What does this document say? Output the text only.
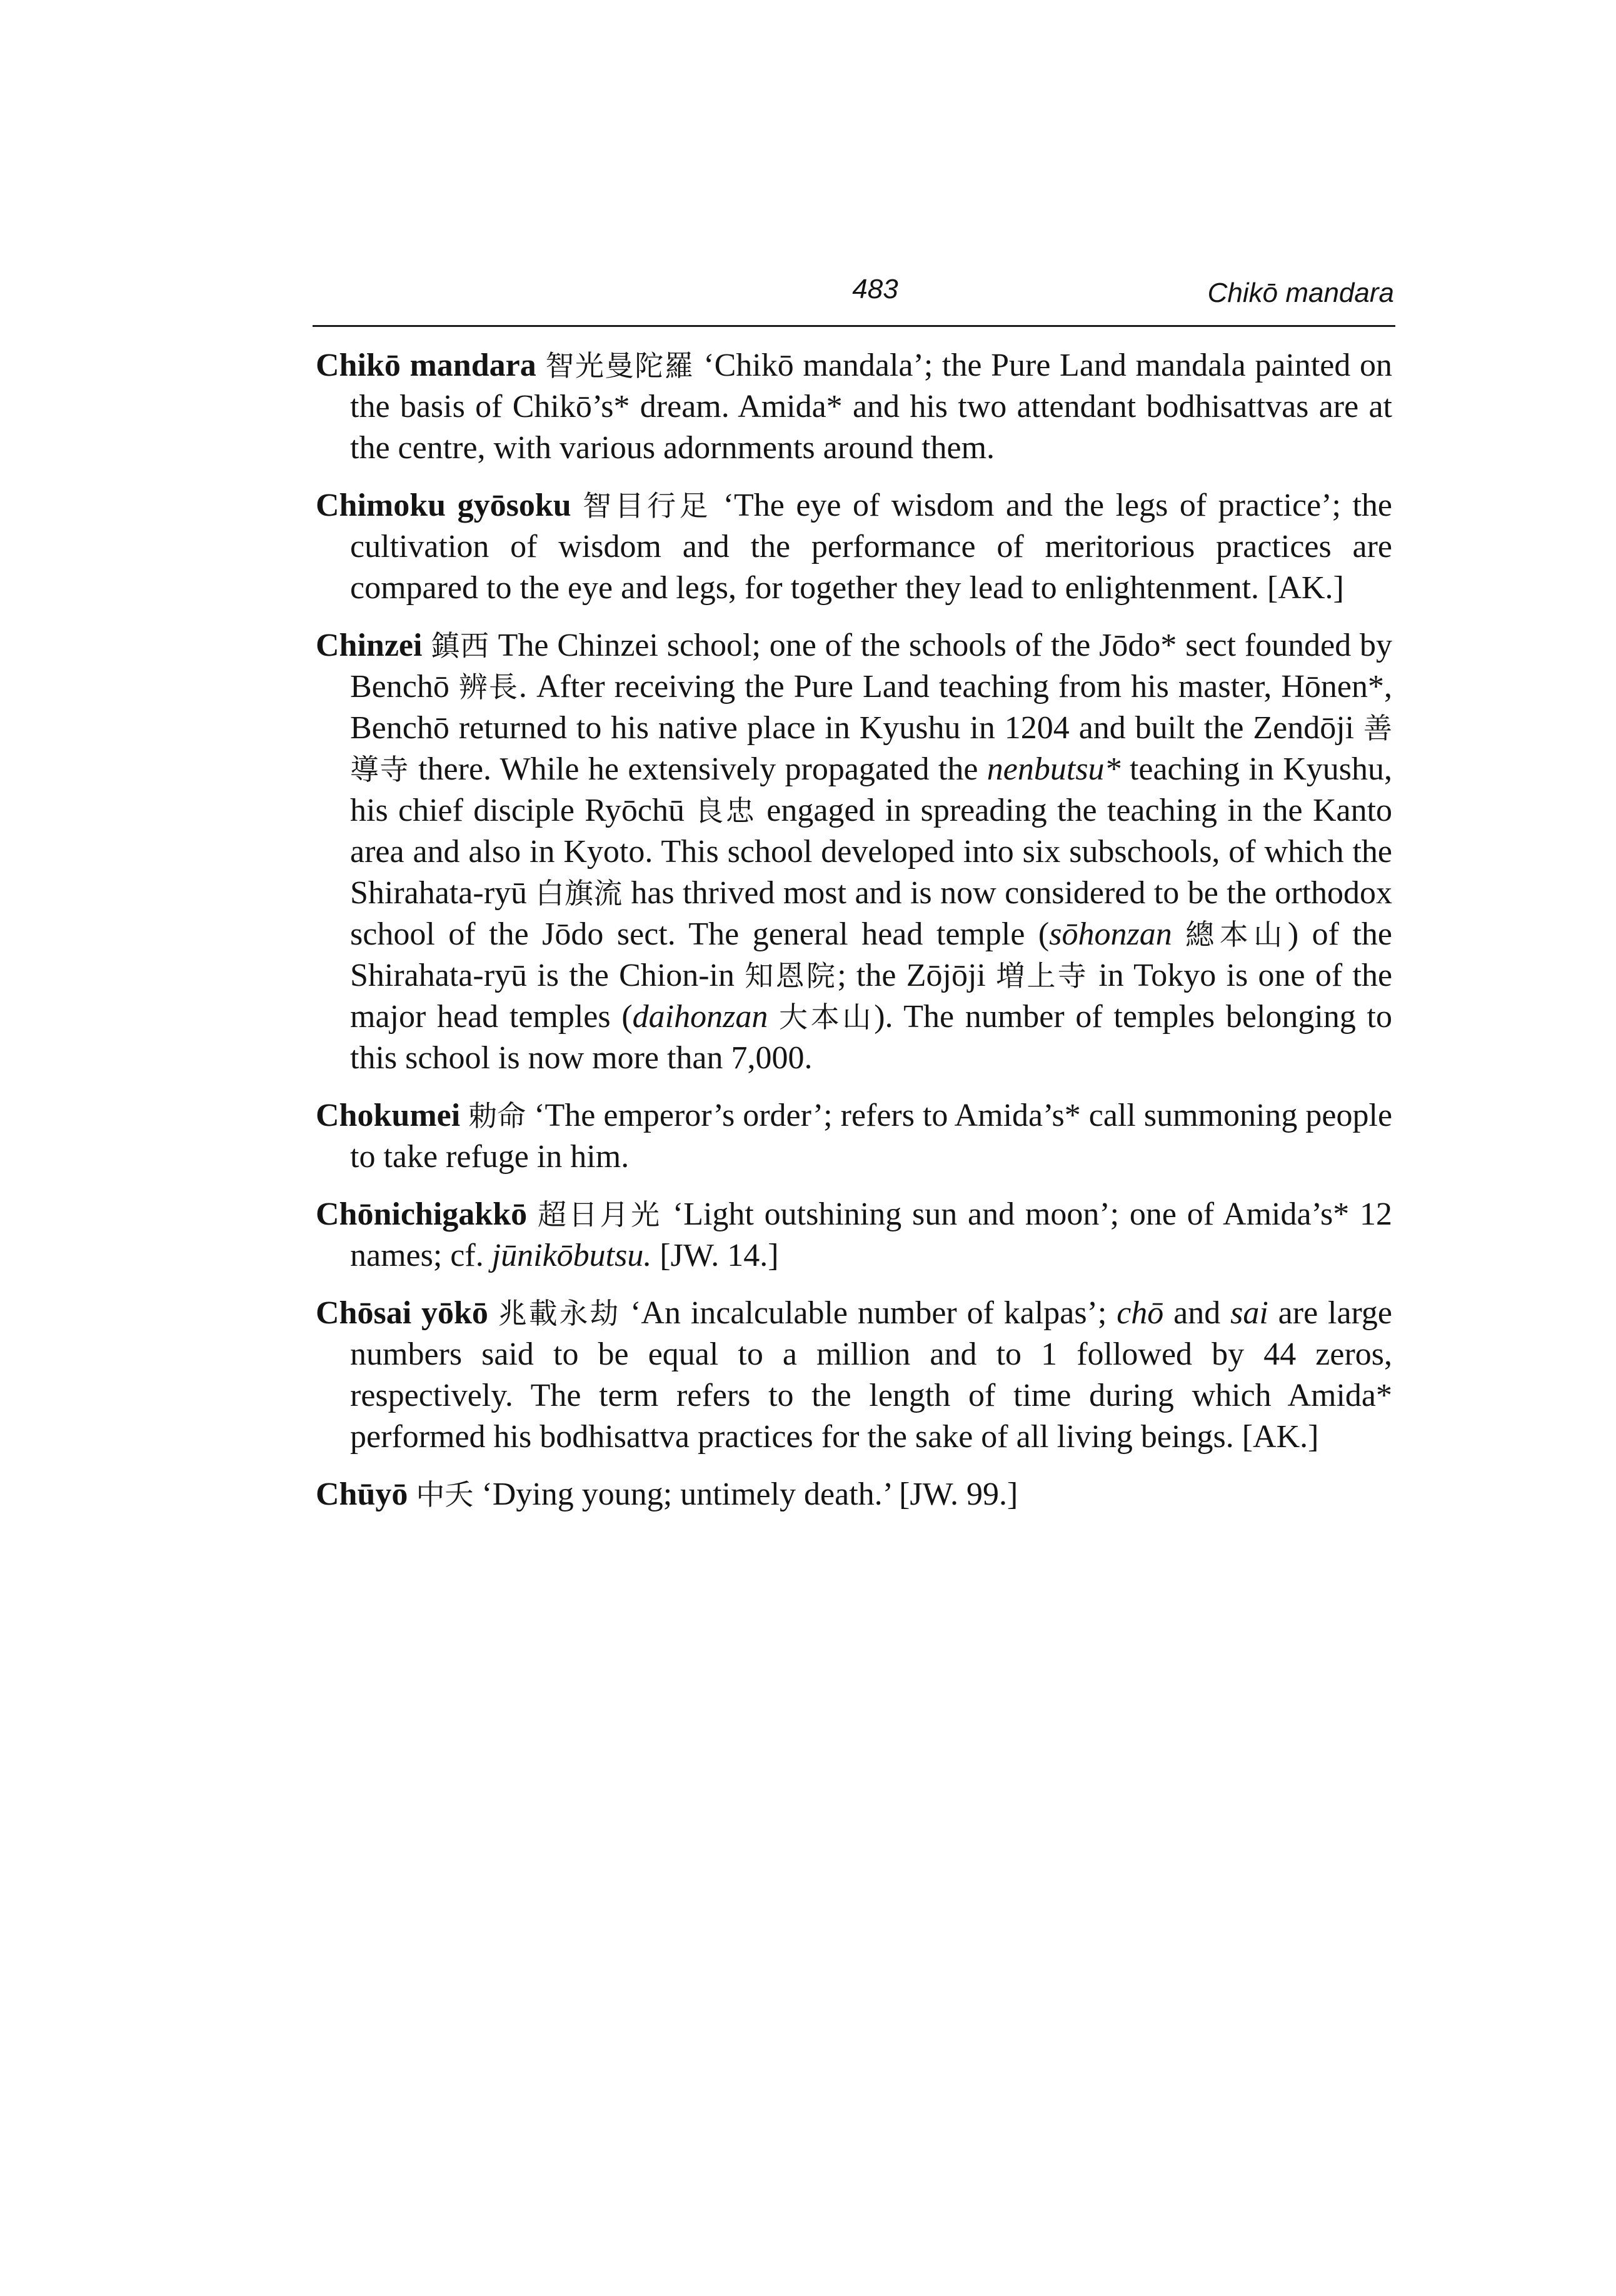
483	Chikō mandara

Chikō mandara 智光曼陀羅 ‘Chikō mandala’; the Pure Land mandala painted on the basis of Chikō’s* dream. Amida* and his two attendant bodhisattvas are at the centre, with various adornments around them.

Chimoku gyōsoku 智目行足 ‘The eye of wisdom and the legs of practice’; the cultivation of wisdom and the performance of meritorious practices are compared to the eye and legs, for together they lead to enlightenment. [AK.]

Chinzei 鎮西 The Chinzei school; one of the schools of the Jōdo* sect founded by Benchō 辨長. After receiving the Pure Land teaching from his master, Hōnen*, Benchō returned to his native place in Kyushu in 1204 and built the Zendōji 善導寺 there. While he extensively propagated the nenbutsu* teaching in Kyushu, his chief disciple Ryōchū 良忠 engaged in spreading the teaching in the Kanto area and also in Kyoto. This school developed into six subschools, of which the Shirahata-ryū 白旗流 has thrived most and is now considered to be the orthodox school of the Jōdo sect. The general head temple (sōhonzan 總本山) of the Shirahata-ryū is the Chion-in 知恩院; the Zōjōji 増上寺 in Tokyo is one of the major head temples (daihonzan 大本山). The number of temples belonging to this school is now more than 7,000.

Chokumei 勅命 ‘The emperor’s order’; refers to Amida’s* call summoning people to take refuge in him.

Chōnichigakkō 超日月光 ‘Light outshining sun and moon’; one of Amida’s* 12 names; cf. jūnikōbutsu. [JW. 14.]

Chōsai yōkō 兆載永劫 ‘An incalculable number of kalpas’; chō and sai are large numbers said to be equal to a million and to 1 followed by 44 zeros, respectively. The term refers to the length of time during which Amida* performed his bodhisattva practices for the sake of all living beings. [AK.]

Chūyō 中夭 ‘Dying young; untimely death.’ [JW. 99.]
